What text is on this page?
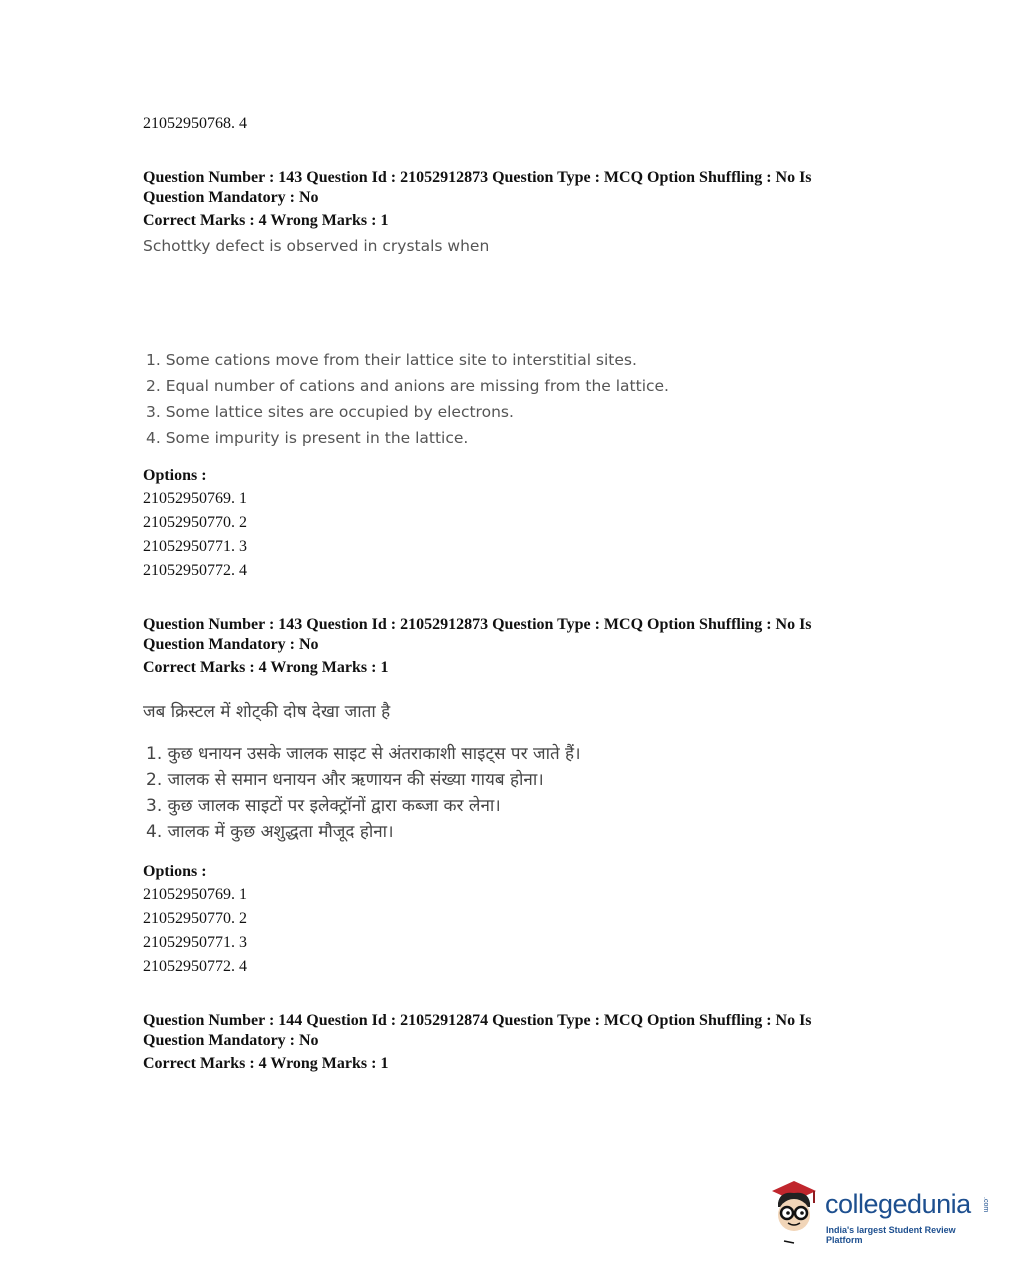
21052950768. 4
Question Number : 143 Question Id : 21052912873 Question Type : MCQ Option Shuffling : No Is
Question Mandatory : No
Correct Marks : 4 Wrong Marks : 1
Schottky defect is observed in crystals when
1. Some cations move from their lattice site to interstitial sites.
2. Equal number of cations and anions are missing from the lattice.
3. Some lattice sites are occupied by electrons.
4. Some impurity is present in the lattice.
Options :
21052950769. 1
21052950770. 2
21052950771. 3
21052950772. 4
Question Number : 143 Question Id : 21052912873 Question Type : MCQ Option Shuffling : No Is
Question Mandatory : No
Correct Marks : 4 Wrong Marks : 1
जब क्रिस्टल में शोट्की दोष देखा जाता है
1. कुछ धनायन उसके जालक साइट से अंतराकाशी साइट्स पर जाते हैं।
2. जालक से समान धनायन और ऋणायन की संख्या गायब होना।
3. कुछ जालक साइटों पर इलेक्ट्रॉनों द्वारा कब्जा कर लेना।
4. जालक में कुछ अशुद्धता मौजूद होना।
Options :
21052950769. 1
21052950770. 2
21052950771. 3
21052950772. 4
Question Number : 144 Question Id : 21052912874 Question Type : MCQ Option Shuffling : No Is
Question Mandatory : No
Correct Marks : 4 Wrong Marks : 1
collegedunia .com
India's largest Student Review Platform
